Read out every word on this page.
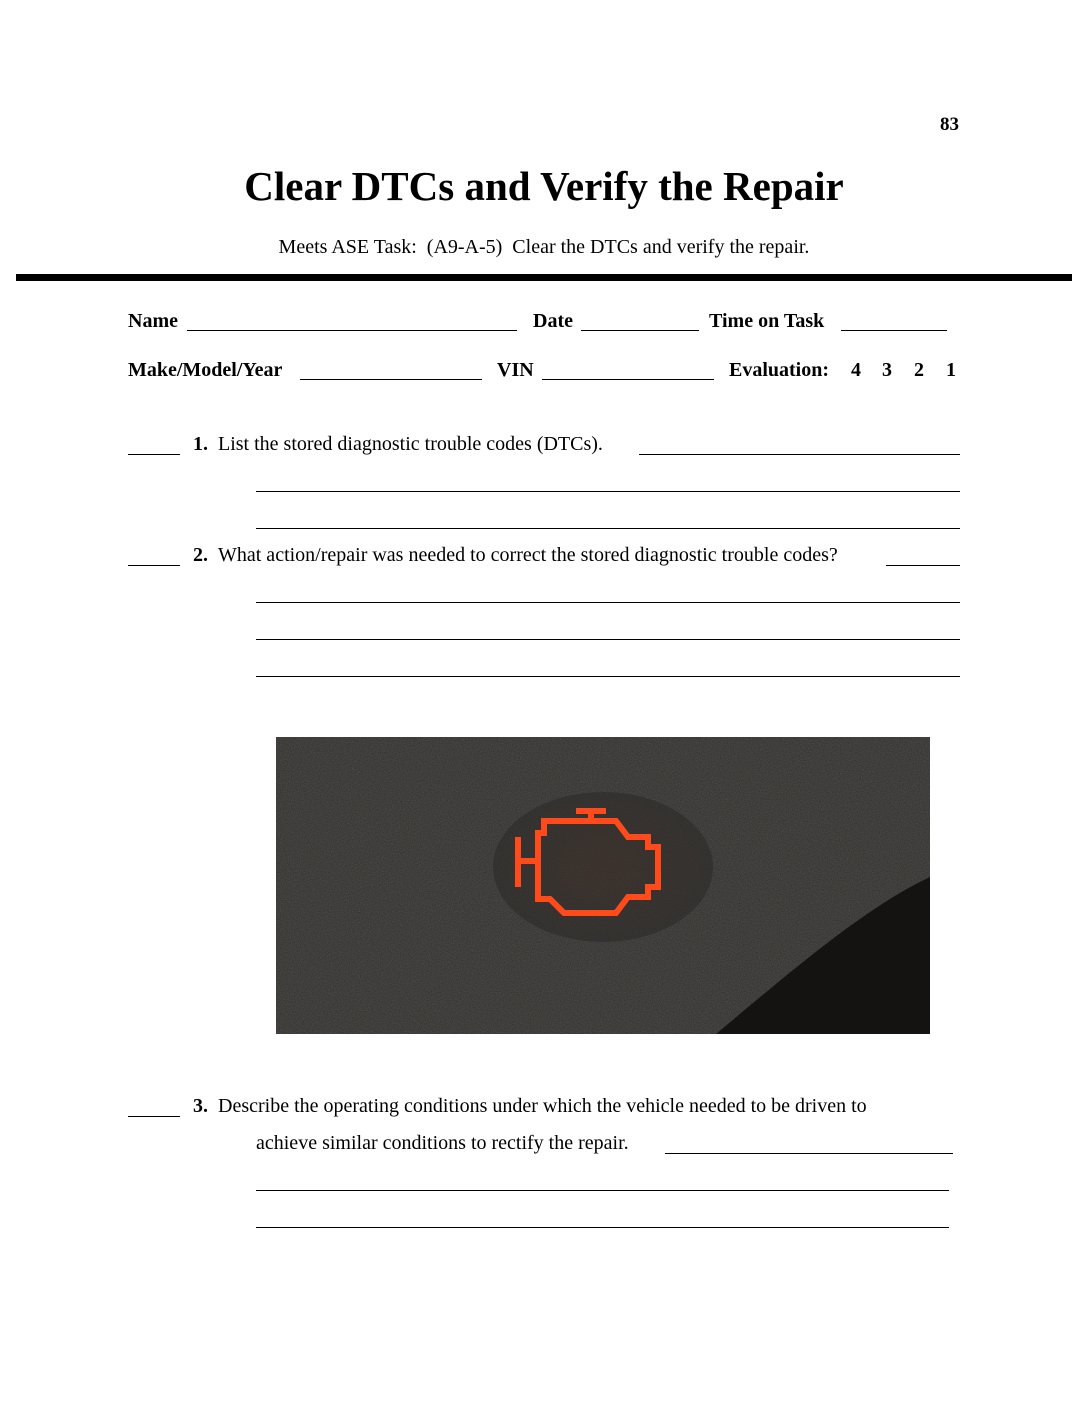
83
Clear DTCs and Verify the Repair
Meets ASE Task:  (A9-A-5)  Clear the DTCs and verify the repair.
Name	Date	Time on Task
Make/Model/Year	VIN	Evaluation: 4 3 2 1
1. List the stored diagnostic trouble codes (DTCs).
2. What action/repair was needed to correct the stored diagnostic trouble codes?
3. Describe the operating conditions under which the vehicle needed to be driven to
achieve similar conditions to rectify the repair.
